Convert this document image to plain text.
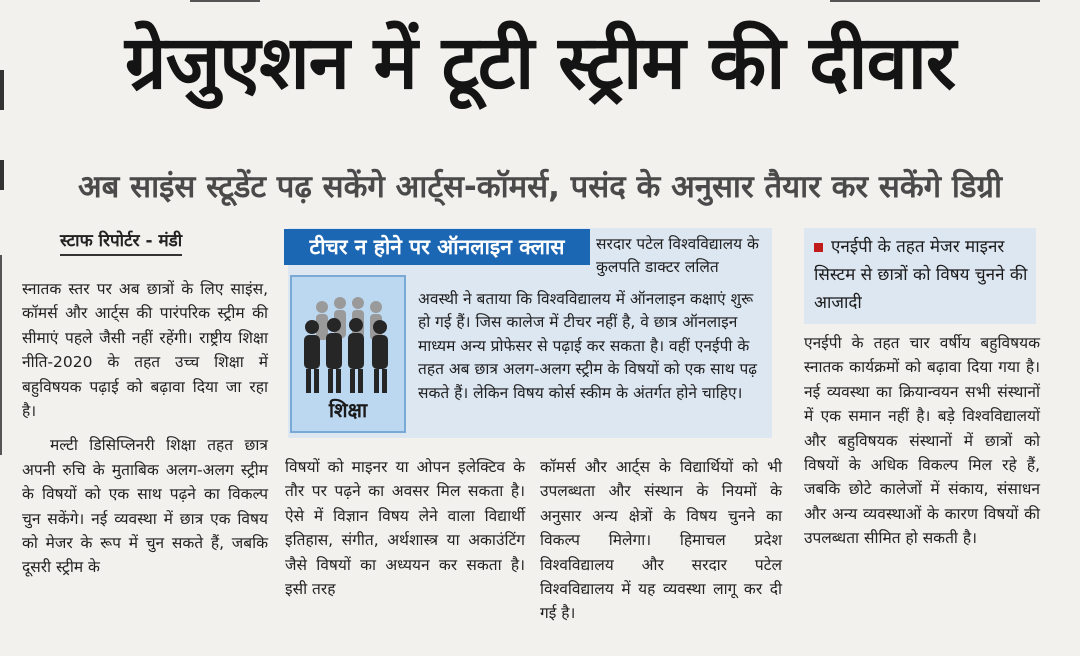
ग्रेजुएशन में टूटी स्ट्रीम की दीवार
अब साइंस स्टूडेंट पढ़ सकेंगे आर्ट्स-कॉमर्स, पसंद के अनुसार तैयार कर सकेंगे डिग्री
स्टाफ रिपोर्टर - मंडी

स्नातक स्तर पर अब छात्रों के लिए साइंस, कॉमर्स और आर्ट्स की पारंपरिक स्ट्रीम की सीमाएं पहले जैसी नहीं रहेंगी। राष्ट्रीय शिक्षा नीति-2020 के तहत उच्च शिक्षा में बहुविषयक पढ़ाई को बढ़ावा दिया जा रहा है।

मल्टी डिसिप्लिनरी शिक्षा तहत छात्र अपनी रुचि के मुताबिक अलग-अलग स्ट्रीम के विषयों को एक साथ पढ़ने का विकल्प चुन सकेंगे। नई व्यवस्था में छात्र एक विषय को मेजर के रूप में चुन सकते हैं, जबकि दूसरी स्ट्रीम के

टीचर न होने पर ऑनलाइन क्लास	सरदार पटेल विश्वविद्यालय के कुलपति डाक्टर ललित
शिक्षा
अवस्थी ने बताया कि विश्वविद्यालय में ऑनलाइन कक्षाएं शुरू हो गई हैं। जिस कालेज में टीचर नहीं है, वे छात्र ऑनलाइन माध्यम अन्य प्रोफेसर से पढ़ाई कर सकता है। वहीं एनईपी के तहत अब छात्र अलग-अलग स्ट्रीम के विषयों को एक साथ पढ़ सकते हैं। लेकिन विषय कोर्स स्कीम के अंतर्गत होने चाहिए।

विषयों को माइनर या ओपन इलेक्टिव के तौर पर पढ़ने का अवसर मिल सकता है। ऐसे में विज्ञान विषय लेने वाला विद्यार्थी इतिहास, संगीत, अर्थशास्त्र या अकाउंटिंग जैसे विषयों का अध्ययन कर सकता है। इसी तरह

कॉमर्स और आर्ट्स के विद्यार्थियों को भी उपलब्धता और संस्थान के नियमों के अनुसार अन्य क्षेत्रों के विषय चुनने का विकल्प मिलेगा। हिमाचल प्रदेश विश्वविद्यालय और सरदार पटेल विश्वविद्यालय में यह व्यवस्था लागू कर दी गई है।

एनईपी के तहत मेजर माइनर सिस्टम से छात्रों को विषय चुनने की आजादी

एनईपी के तहत चार वर्षीय बहुविषयक स्नातक कार्यक्रमों को बढ़ावा दिया गया है। नई व्यवस्था का क्रियान्वयन सभी संस्थानों में एक समान नहीं है। बड़े विश्वविद्यालयों और बहुविषयक संस्थानों में छात्रों को विषयों के अधिक विकल्प मिल रहे हैं, जबकि छोटे कालेजों में संकाय, संसाधन और अन्य व्यवस्थाओं के कारण विषयों की उपलब्धता सीमित हो सकती है।
